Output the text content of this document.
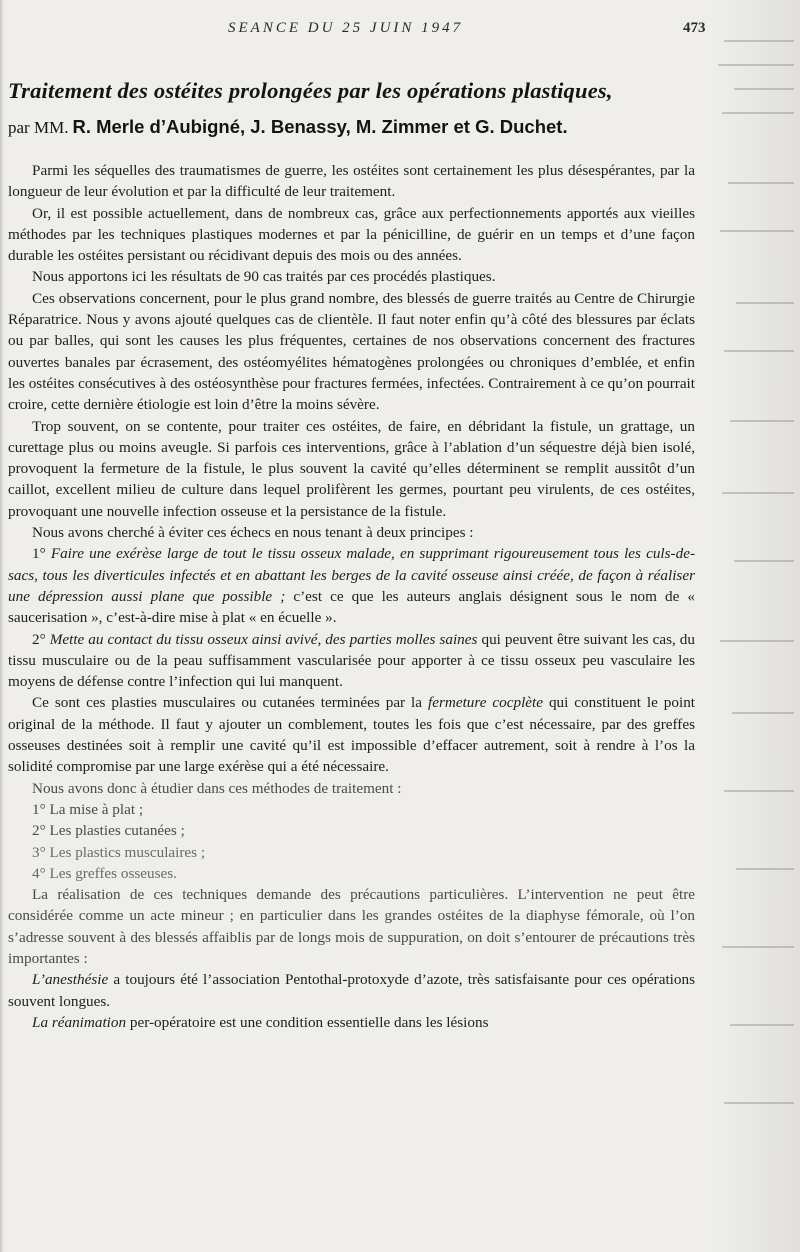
SEANCE DU 25 JUIN 1947	473
Traitement des ostéites prolongées par les opérations plastiques,
par MM. R. Merle d’Aubigné, J. Benassy, M. Zimmer et G. Duchet.

Parmi les séquelles des traumatismes de guerre, les ostéites sont certainement les plus désespérantes, par la longueur de leur évolution et par la difficulté de leur traitement.

Or, il est possible actuellement, dans de nombreux cas, grâce aux perfectionnements apportés aux vieilles méthodes par les techniques plastiques modernes et par la pénicilline, de guérir en un temps et d’une façon durable les ostéites persistant ou récidivant depuis des mois ou des années.

Nous apportons ici les résultats de 90 cas traités par ces procédés plastiques.

Ces observations concernent, pour le plus grand nombre, des blessés de guerre traités au Centre de Chirurgie Réparatrice. Nous y avons ajouté quelques cas de clientèle. Il faut noter enfin qu’à côté des blessures par éclats ou par balles, qui sont les causes les plus fréquentes, certaines de nos observations concernent des fractures ouvertes banales par écrasement, des ostéomyélites hématogènes prolongées ou chroniques d’emblée, et enfin les ostéites consécutives à des ostéosynthèse pour fractures fermées, infectées. Contrairement à ce qu’on pourrait croire, cette dernière étiologie est loin d’être la moins sévère.

Trop souvent, on se contente, pour traiter ces ostéites, de faire, en débridant la fistule, un grattage, un curettage plus ou moins aveugle. Si parfois ces interventions, grâce à l’ablation d’un séquestre déjà bien isolé, provoquent la fermeture de la fistule, le plus souvent la cavité qu’elles déterminent se remplit aussitôt d’un caillot, excellent milieu de culture dans lequel prolifèrent les germes, pourtant peu virulents, de ces ostéites, provoquant une nouvelle infection osseuse et la persistance de la fistule.

Nous avons cherché à éviter ces échecs en nous tenant à deux principes :

1° Faire une exérèse large de tout le tissu osseux malade, en supprimant rigoureusement tous les culs-de-sacs, tous les diverticules infectés et en abattant les berges de la cavité osseuse ainsi créée, de façon à réaliser une dépression aussi plane que possible ; c’est ce que les auteurs anglais désignent sous le nom de « saucerisation », c’est-à-dire mise à plat « en écuelle ».

2° Mette au contact du tissu osseux ainsi avivé, des parties molles saines qui peuvent être suivant les cas, du tissu musculaire ou de la peau suffisamment vascularisée pour apporter à ce tissu osseux peu vasculaire les moyens de défense contre l’infection qui lui manquent.

Ce sont ces plasties musculaires ou cutanées terminées par la fermeture cocplète qui constituent le point original de la méthode. Il faut y ajouter un comblement, toutes les fois que c’est nécessaire, par des greffes osseuses destinées soit à remplir une cavité qu’il est impossible d’effacer autrement, soit à rendre à l’os la solidité compromise par une large exérèse qui a été nécessaire.

Nous avons donc à étudier dans ces méthodes de traitement :

1° La mise à plat ;

2° Les plasties cutanées ;

3° Les plastics musculaires ;

4° Les greffes osseuses.

La réalisation de ces techniques demande des précautions particulières. L’intervention ne peut être considérée comme un acte mineur ; en particulier dans les grandes ostéites de la diaphyse fémorale, où l’on s’adresse souvent à des blessés affaiblis par de longs mois de suppuration, on doit s’entourer de précautions très importantes :

L’anesthésie a toujours été l’association Pentothal-protoxyde d’azote, très satisfaisante pour ces opérations souvent longues.

La réanimation per-opératoire est une condition essentielle dans les lésions
